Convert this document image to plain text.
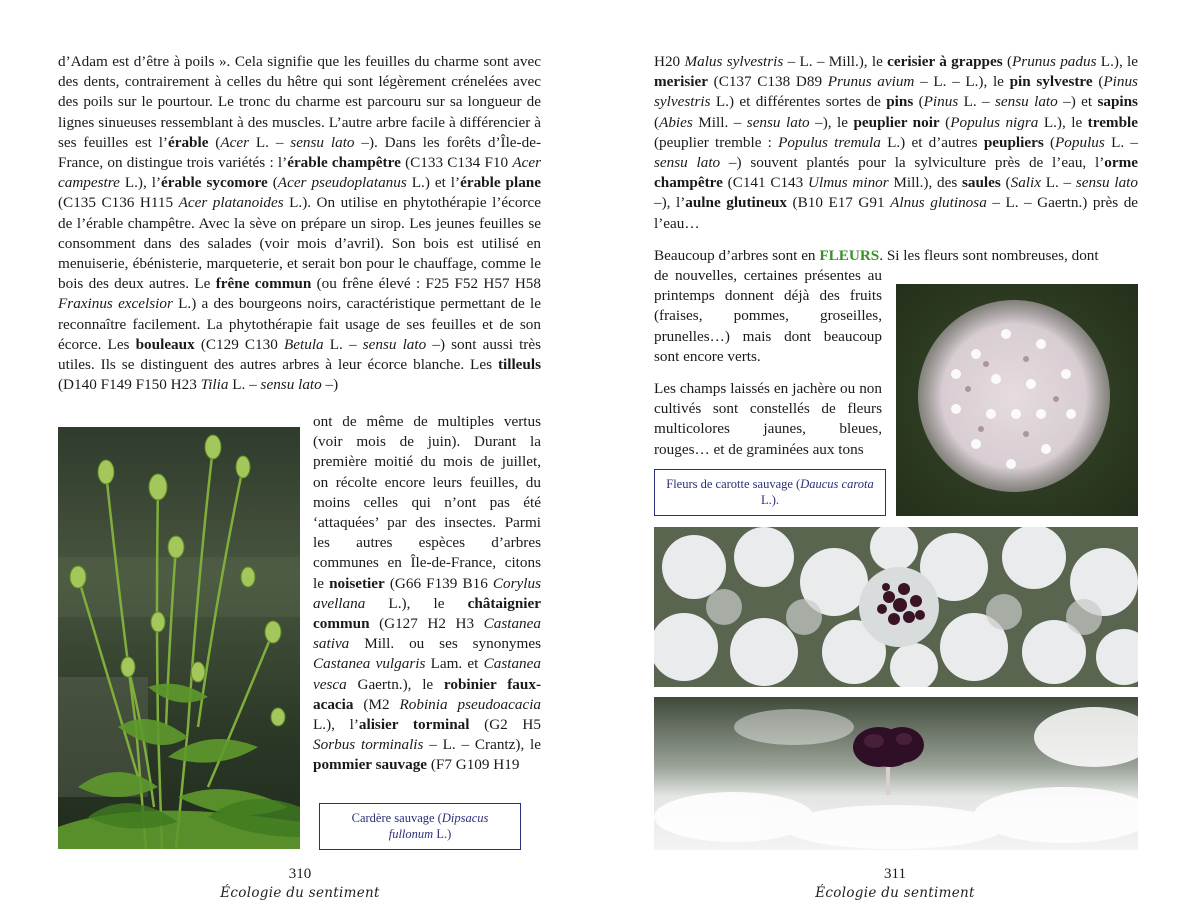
d’Adam est d’être à poils ». Cela signifie que les feuilles du charme sont avec des dents, contrairement à celles du hêtre qui sont légèrement crénelées avec des poils sur le pourtour. Le tronc du charme est parcouru sur sa longueur de lignes sinueuses ressemblant à des muscles. L’autre arbre facile à différencier à ses feuilles est l’érable (Acer L. – sensu lato –). Dans les forêts d’Île-de-France, on distingue trois variétés : l’érable champêtre (C133 C134 F10 Acer campestre L.), l’érable sycomore (Acer pseudoplatanus L.) et l’érable plane (C135 C136 H115 Acer platanoides L.). On utilise en phytothérapie l’écorce de l’érable champêtre. Avec la sève on prépare un sirop. Les jeunes feuilles se consomment dans des salades (voir mois d’avril). Son bois est utilisé en menuiserie, ébénisterie, marqueterie, et serait bon pour le chauffage, comme le bois des deux autres. Le frêne commun (ou frêne élevé : F25 F52 H57 H58 Fraxinus excelsior L.) a des bourgeons noirs, caractéristique permettant de le reconnaître facilement. La phytothérapie fait usage de ses feuilles et de son écorce. Les bouleaux (C129 C130 Betula L. – sensu lato –) sont aussi très utiles. Ils se distinguent des autres arbres à leur écorce blanche. Les tilleuls (D140 F149 F150 H23 Tilia L. – sensu lato –)

ont de même de multiples vertus (voir mois de juin). Durant la première moitié du mois de juillet, on récolte encore leurs feuilles, du moins celles qui n’ont pas été ‘attaquées’ par des insectes. Parmi les autres espèces d’arbres communes en Île-de-France, citons le noisetier (G66 F139 B16 Corylus avellana L.), le châtaignier commun (G127 H2 H3 Castanea sativa Mill. ou ses synonymes Castanea vulgaris Lam. et Castanea vesca Gaertn.), le robinier faux-acacia (M2 Robinia pseudoacacia L.), l’alisier torminal (G2 H5 Sorbus torminalis – L. – Crantz), le pommier sauvage (F7 G109 H19

Cardère sauvage (Dipsacus fullonum L.)
310
Écologie du sentiment

H20 Malus sylvestris – L. – Mill.), le cerisier à grappes (Prunus padus L.), le merisier (C137 C138 D89 Prunus avium – L. – L.), le pin sylvestre (Pinus sylvestris L.) et différentes sortes de pins (Pinus L. – sensu lato –) et sapins (Abies Mill. – sensu lato –), le peuplier noir (Populus nigra L.), le tremble (peuplier tremble : Populus tremula L.) et d’autres peupliers (Populus L. – sensu lato –) souvent plantés pour la sylviculture près de l’eau, l’orme champêtre (C141 C143 Ulmus minor Mill.), des saules (Salix L. – sensu lato –), l’aulne glutineux (B10 E17 G91 Alnus glutinosa – L. – Gaertn.) près de l’eau…

Beaucoup d’arbres sont en FLEURS. Si les fleurs sont nombreuses, dont

de nouvelles, certaines présentes au printemps donnent déjà des fruits (fraises, pommes, groseilles, prunelles…) mais dont beaucoup sont encore verts.

Les champs laissés en jachère ou non cultivés sont constellés de fleurs multicolores jaunes, bleues, rouges… et de graminées aux tons

Fleurs de carotte sauvage (Daucus carota L.).
311
Écologie du sentiment
